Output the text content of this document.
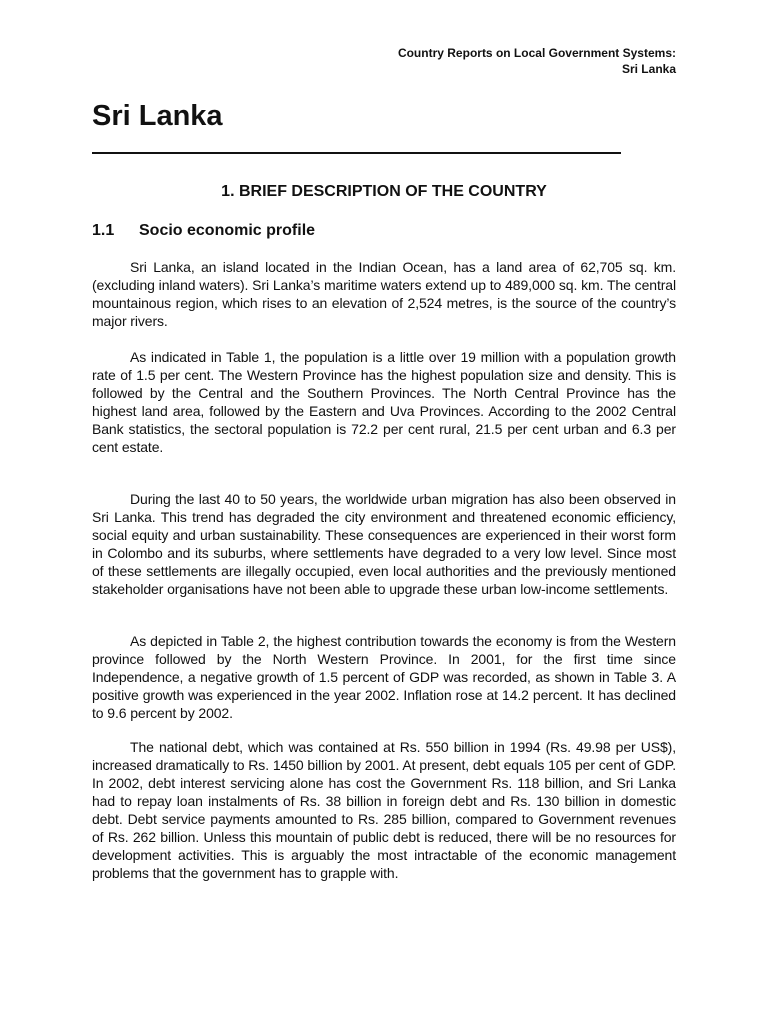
Country Reports on Local Government Systems:
Sri Lanka
Sri Lanka
1. BRIEF DESCRIPTION OF THE COUNTRY
1.1 Socio economic profile

Sri Lanka, an island located in the Indian Ocean, has a land area of 62,705 sq. km. (excluding inland waters). Sri Lanka’s maritime waters extend up to 489,000 sq. km. The central mountainous region, which rises to an elevation of 2,524 metres, is the source of the country’s major rivers.

As indicated in Table 1, the population is a little over 19 million with a population growth rate of 1.5 per cent. The Western Province has the highest population size and density. This is followed by the Central and the Southern Provinces. The North Central Province has the highest land area, followed by the Eastern and Uva Provinces. According to the 2002 Central Bank statistics, the sectoral population is 72.2 per cent rural, 21.5 per cent urban and 6.3 per cent estate.

During the last 40 to 50 years, the worldwide urban migration has also been observed in Sri Lanka. This trend has degraded the city environment and threatened economic efficiency, social equity and urban sustainability. These consequences are experienced in their worst form in Colombo and its suburbs, where settlements have degraded to a very low level. Since most of these settlements are illegally occupied, even local authorities and the previously mentioned stakeholder organisations have not been able to upgrade these urban low-income settlements.

As depicted in Table 2, the highest contribution towards the economy is from the Western province followed by the North Western Province. In 2001, for the first time since Independence, a negative growth of 1.5 percent of GDP was recorded, as shown in Table 3. A positive growth was experienced in the year 2002. Inflation rose at 14.2 percent. It has declined to 9.6 percent by 2002.

The national debt, which was contained at Rs. 550 billion in 1994 (Rs. 49.98 per US$), increased dramatically to Rs. 1450 billion by 2001. At present, debt equals 105 per cent of GDP. In 2002, debt interest servicing alone has cost the Government Rs. 118 billion, and Sri Lanka had to repay loan instalments of Rs. 38 billion in foreign debt and Rs. 130 billion in domestic debt. Debt service payments amounted to Rs. 285 billion, compared to Government revenues of Rs. 262 billion. Unless this mountain of public debt is reduced, there will be no resources for development activities. This is arguably the most intractable of the economic management problems that the government has to grapple with.
